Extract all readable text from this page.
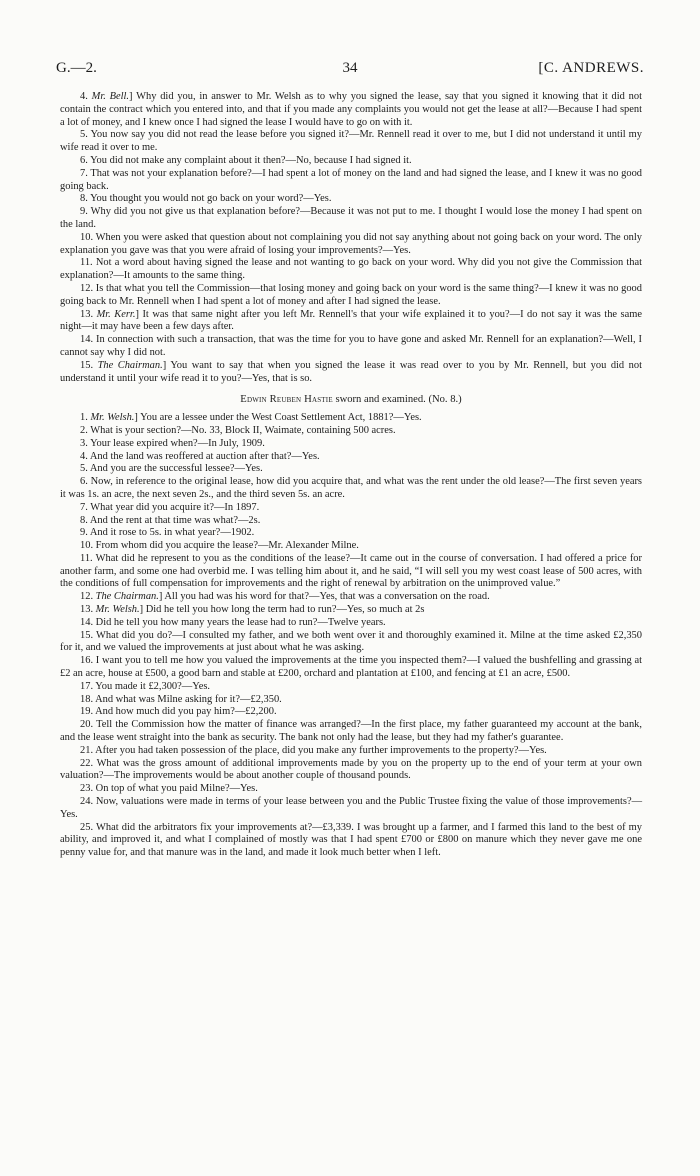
G.—2.	34	[C. ANDREWS.

4. Mr. Bell.] Why did you, in answer to Mr. Welsh as to why you signed the lease, say that you signed it knowing that it did not contain the contract which you entered into, and that if you made any complaints you would not get the lease at all?—Because I had spent a lot of money, and I knew once I had signed the lease I would have to go on with it.

5. You now say you did not read the lease before you signed it?—Mr. Rennell read it over to me, but I did not understand it until my wife read it over to me.

6. You did not make any complaint about it then?—No, because I had signed it.

7. That was not your explanation before?—I had spent a lot of money on the land and had signed the lease, and I knew it was no good going back.

8. You thought you would not go back on your word?—Yes.

9. Why did you not give us that explanation before?—Because it was not put to me. I thought I would lose the money I had spent on the land.

10. When you were asked that question about not complaining you did not say anything about not going back on your word. The only explanation you gave was that you were afraid of losing your improvements?—Yes.

11. Not a word about having signed the lease and not wanting to go back on your word. Why did you not give the Commission that explanation?—It amounts to the same thing.

12. Is that what you tell the Commission—that losing money and going back on your word is the same thing?—I knew it was no good going back to Mr. Rennell when I had spent a lot of money and after I had signed the lease.

13. Mr. Kerr.] It was that same night after you left Mr. Rennell's that your wife explained it to you?—I do not say it was the same night—it may have been a few days after.

14. In connection with such a transaction, that was the time for you to have gone and asked Mr. Rennell for an explanation?—Well, I cannot say why I did not.

15. The Chairman.] You want to say that when you signed the lease it was read over to you by Mr. Rennell, but you did not understand it until your wife read it to you?—Yes, that is so.

Edwin Reuben Hastie sworn and examined. (No. 8.)

1. Mr. Welsh.] You are a lessee under the West Coast Settlement Act, 1881?—Yes.

2. What is your section?—No. 33, Block II, Waimate, containing 500 acres.

3. Your lease expired when?—In July, 1909.

4. And the land was reoffered at auction after that?—Yes.

5. And you are the successful lessee?—Yes.

6. Now, in reference to the original lease, how did you acquire that, and what was the rent under the old lease?—The first seven years it was 1s. an acre, the next seven 2s., and the third seven 5s. an acre.

7. What year did you acquire it?—In 1897.

8. And the rent at that time was what?—2s.

9. And it rose to 5s. in what year?—1902.

10. From whom did you acquire the lease?—Mr. Alexander Milne.

11. What did he represent to you as the conditions of the lease?—It came out in the course of conversation. I had offered a price for another farm, and some one had overbid me. I was telling him about it, and he said, “I will sell you my west coast lease of 500 acres, with the conditions of full compensation for improvements and the right of renewal by arbitration on the unimproved value.”

12. The Chairman.] All you had was his word for that?—Yes, that was a conversation on the road.

13. Mr. Welsh.] Did he tell you how long the term had to run?—Yes, so much at 2s

14. Did he tell you how many years the lease had to run?—Twelve years.

15. What did you do?—I consulted my father, and we both went over it and thoroughly examined it. Milne at the time asked £2,350 for it, and we valued the improvements at just about what he was asking.

16. I want you to tell me how you valued the improvements at the time you inspected them?—I valued the bushfelling and grassing at £2 an acre, house at £500, a good barn and stable at £200, orchard and plantation at £100, and fencing at £1 an acre, £500.

17. You made it £2,300?—Yes.

18. And what was Milne asking for it?—£2,350.

19. And how much did you pay him?—£2,200.

20. Tell the Commission how the matter of finance was arranged?—In the first place, my father guaranteed my account at the bank, and the lease went straight into the bank as security. The bank not only had the lease, but they had my father's guarantee.

21. After you had taken possession of the place, did you make any further improvements to the property?—Yes.

22. What was the gross amount of additional improvements made by you on the property up to the end of your term at your own valuation?—The improvements would be about another couple of thousand pounds.

23. On top of what you paid Milne?—Yes.

24. Now, valuations were made in terms of your lease between you and the Public Trustee fixing the value of those improvements?—Yes.

25. What did the arbitrators fix your improvements at?—£3,339. I was brought up a farmer, and I farmed this land to the best of my ability, and improved it, and what I complained of mostly was that I had spent £700 or £800 on manure which they never gave me one penny value for, and that manure was in the land, and made it look much better when I left.
